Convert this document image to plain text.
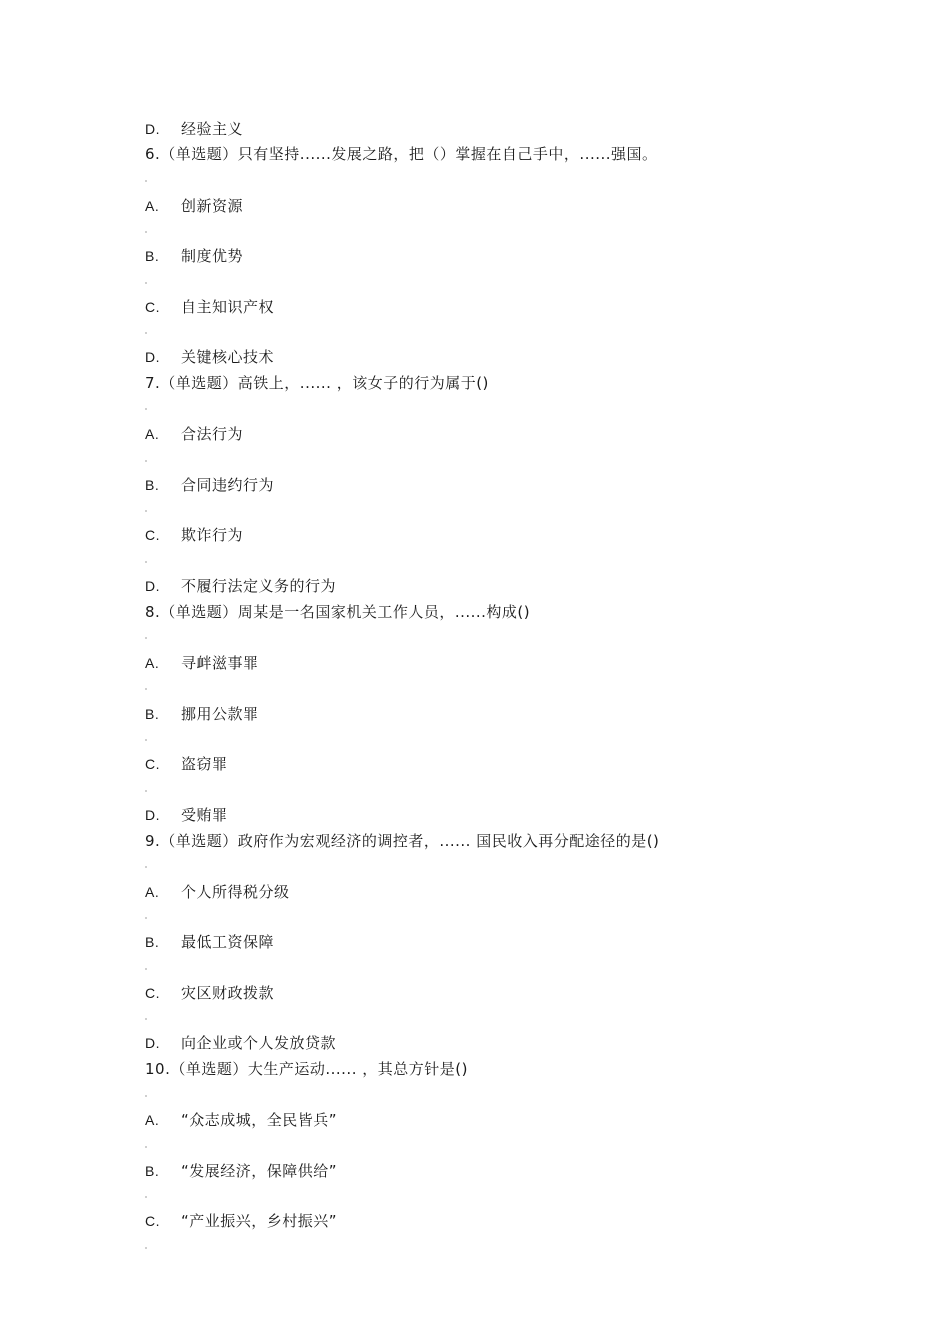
D. 经验主义
6.（单选题）只有坚持......发展之路，把（）掌握在自己手中，......强国。
A. 创新资源
B. 制度优势
C.自主知识产权
D. 关键核心技术
7.（单选题）高铁上，...... ，该女子的行为属于()
A. 合法行为
B. 合同违约行为
C. 欺诈行为
D. 不履行法定义务的行为
8.（单选题）周某是一名国家机关工作人员，......构成()
A.寻衅滋事罪
B. 挪用公款罪
C. 盗窃罪
D. 受贿罪
9.（单选题）政府作为宏观经济的调控者，...... 国民收入再分配途径的是()
A. 个人所得税分级
B. 最低工资保障
C. 灾区财政拨款
D.向企业或个人发放贷款
10.（单选题）大生产运动...... ，其总方针是()
A. “众志成城，全民皆兵”
B. “发展经济，保障供给”
C. “产业振兴，乡村振兴”
